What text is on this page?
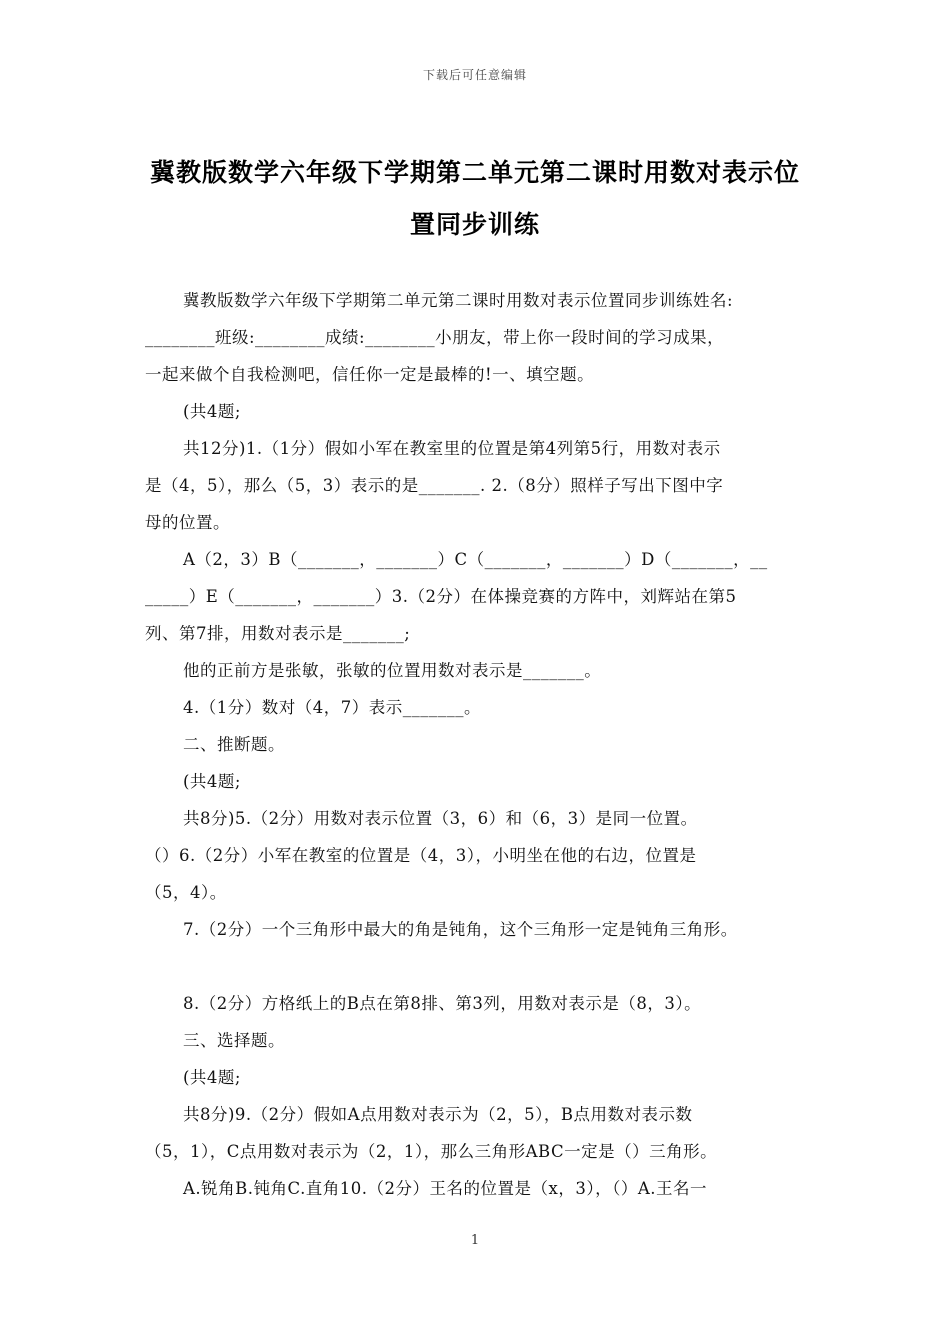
下载后可任意编辑
冀教版数学六年级下学期第二单元第二课时用数对表示位
置同步训练
冀教版数学六年级下学期第二单元第二课时用数对表示位置同步训练姓名:
________班级:________成绩:________小朋友，带上你一段时间的学习成果，
一起来做个自我检测吧，信任你一定是最棒的!一、填空题。
(共4题;
共12分)1.（1分）假如小军在教室里的位置是第4列第5行，用数对表示
是（4，5），那么（5，3）表示的是_______. 2.（8分）照样子写出下图中字
母的位置。
A（2，3）B（_______，_______）C（_______，_______）D（_______，__
_____）E（_______，_______）3.（2分）在体操竞赛的方阵中，刘辉站在第5
列、第7排，用数对表示是_______;
他的正前方是张敏，张敏的位置用数对表示是_______。
4.（1分）数对（4，7）表示_______。
二、推断题。
(共4题;
共8分)5.（2分）用数对表示位置（3，6）和（6，3）是同一位置。
（）6.（2分）小军在教室的位置是（4，3），小明坐在他的右边，位置是
（5，4）。
7.（2分）一个三角形中最大的角是钝角，这个三角形一定是钝角三角形。
8.（2分）方格纸上的B点在第8排、第3列，用数对表示是（8，3）。
三、选择题。
(共4题;
共8分)9.（2分）假如A点用数对表示为（2，5），B点用数对表示数
（5，1），C点用数对表示为（2，1），那么三角形ABC一定是（）三角形。
A.锐角B.钝角C.直角10.（2分）王名的位置是（x，3），（）A.王名一
1
